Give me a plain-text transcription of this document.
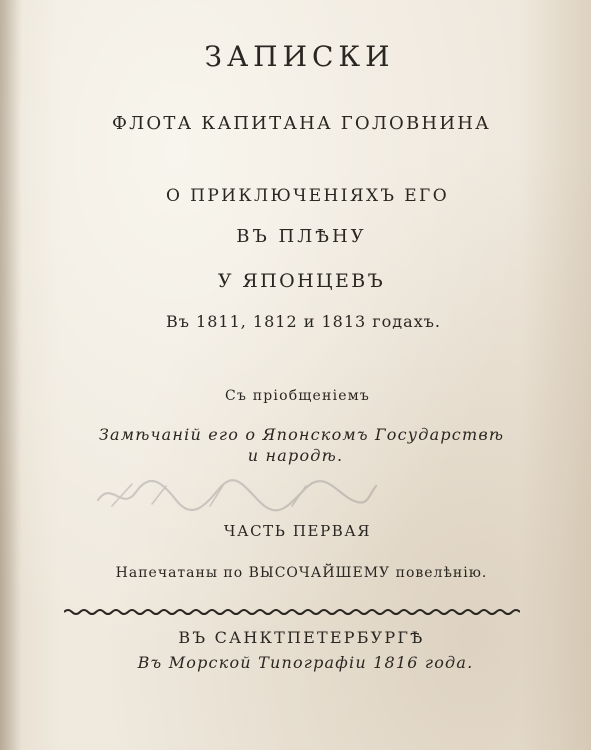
ЗАПИСКИ
ФЛОТА КАПИТАНА ГОЛОВНИНА
О ПРИКЛЮЧЕНІЯХЪ ЕГО
ВЪ ПЛѢНУ
У ЯПОНЦЕВЪ
Въ 1811, 1812 и 1813 годахъ.
Съ пріобщеніемъ
Замѣчаній его о Японскомъ Государствѣ
и народѣ.
ЧАСТЬ ПЕРВАЯ
Напечатаны по ВЫСОЧАЙШЕМУ повелѣнію.
ВЪ САНКТПЕТЕРБУРГѢ
Въ Морской Типографіи 1816 года.
